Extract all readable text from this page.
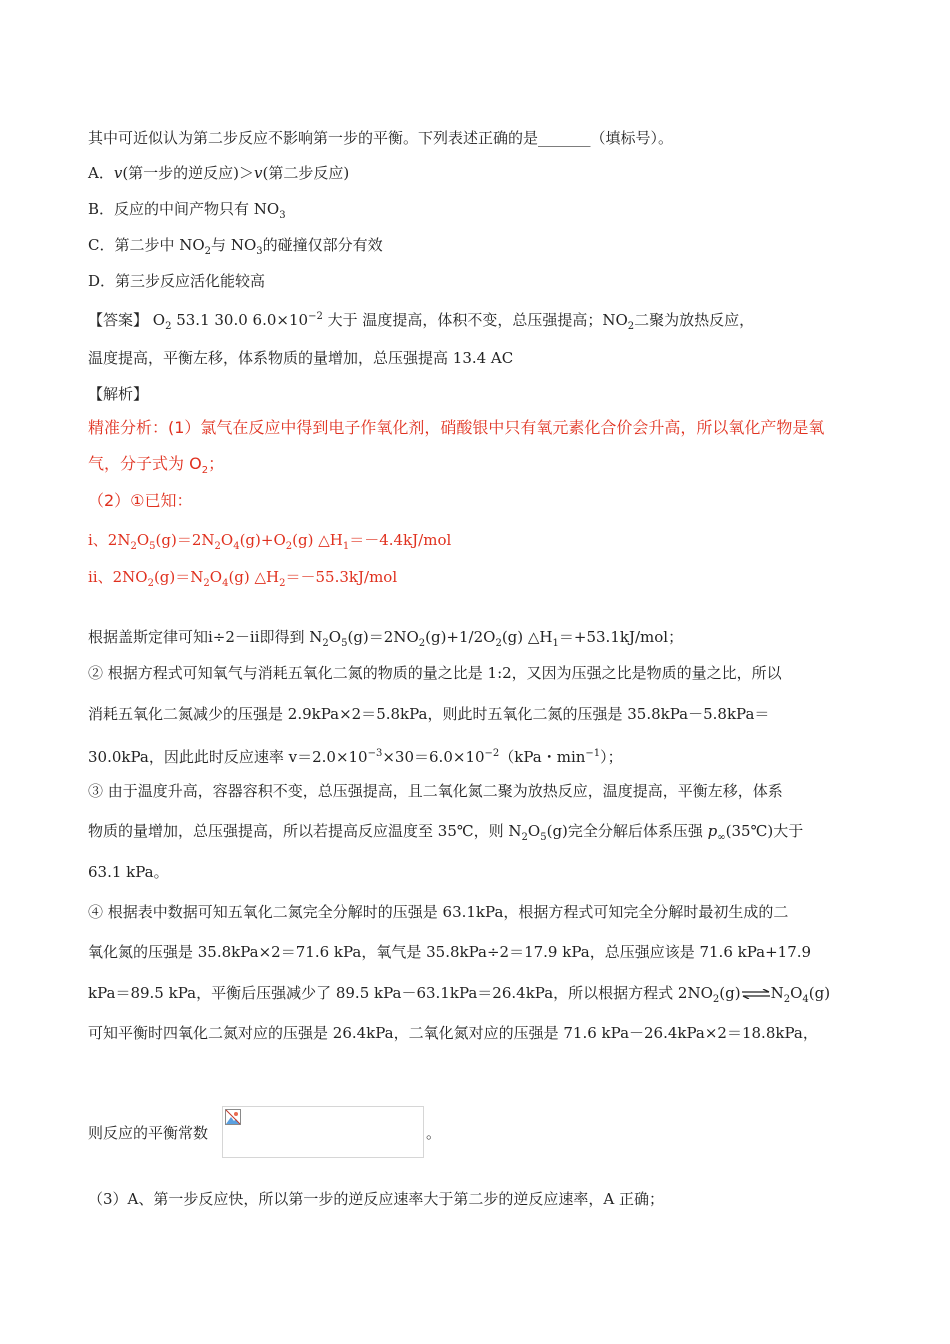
其中可近似认为第二步反应不影响第一步的平衡。下列表述正确的是_______（填标号）。
A．v(第一步的逆反应)＞v(第二步反应)
B．反应的中间产物只有 $NO_3$
C．第二步中 $NO_2$与 $NO_3$的碰撞仅部分有效
D．第三步反应活化能较高
【答案】 $O_2$ 53.1 30.0 $6.0\times 10^{-2}$ 大于 温度提高，体积不变，总压强提高；$NO_2$二聚为放热反应，
温度提高，平衡左移，体系物质的量增加，总压强提高 13.4 AC
【解析】
精准分析：(1）氯气在反应中得到电子作氧化剂，硝酸银中只有氧元素化合价会升高，所以氧化产物是氧
气，分子式为 $O_2$；
（2）①已知：
ⅰ、$2N_2O_5(g)=2N_2O_4(g)+O_2(g)$ $\triangle H_1=-4.4kJ$/mol
ⅱ、$2NO_2(g)=N_2O_4(g)$ $\triangle H_2=-55.3kJ$/mol
根据盖斯定律可知ⅰ÷2－ⅱ即得到 $N_2O_5(g)=2NO_2(g)+1/2O_2(g)$ $\triangle H_1=+53.1kJ$/mol；
② 根据方程式可知氧气与消耗五氧化二氮的物质的量之比是 1:2，又因为压强之比是物质的量之比，所以
消耗五氧化二氮减少的压强是 2.9kPa×2＝5.8kPa，则此时五氧化二氮的压强是 35.8kPa－5.8kPa＝
30.0kPa，因此此时反应速率 $v=2.0\times 10^{-3}\times 30=6.0\times 10^{-2}(kPa$・$\min^{-1}$）；
③ 由于温度升高，容器容积不变，总压强提高，且二氧化氮二聚为放热反应，温度提高，平衡左移，体系
物质的量增加，总压强提高，所以若提高反应温度至 35℃，则 $N_2O_5(g)$完全分解后体系压强 $p_\infty(35℃)$大于
63.1 kPa。
④ 根据表中数据可知五氧化二氮完全分解时的压强是 63.1kPa，根据方程式可知完全分解时最初生成的二
氧化氮的压强是 35.8kPa×2＝71.6 kPa，氧气是 35.8kPa÷2＝17.9 kPa，总压强应该是 71.6 kPa+17.9
kPa＝89.5 kPa，平衡后压强减少了 89.5 kPa－63.1kPa＝26.4kPa，所以根据方程式 $2NO_2(g)\rightleftharpoons N_2O_4(g)$
可知平衡时四氧化二氮对应的压强是 26.4kPa，二氧化氮对应的压强是 71.6 kPa－26.4kPa×2＝18.8kPa，
则反应的平衡常数	。
（3）A、第一步反应快，所以第一步的逆反应速率大于第二步的逆反应速率，A 正确；
